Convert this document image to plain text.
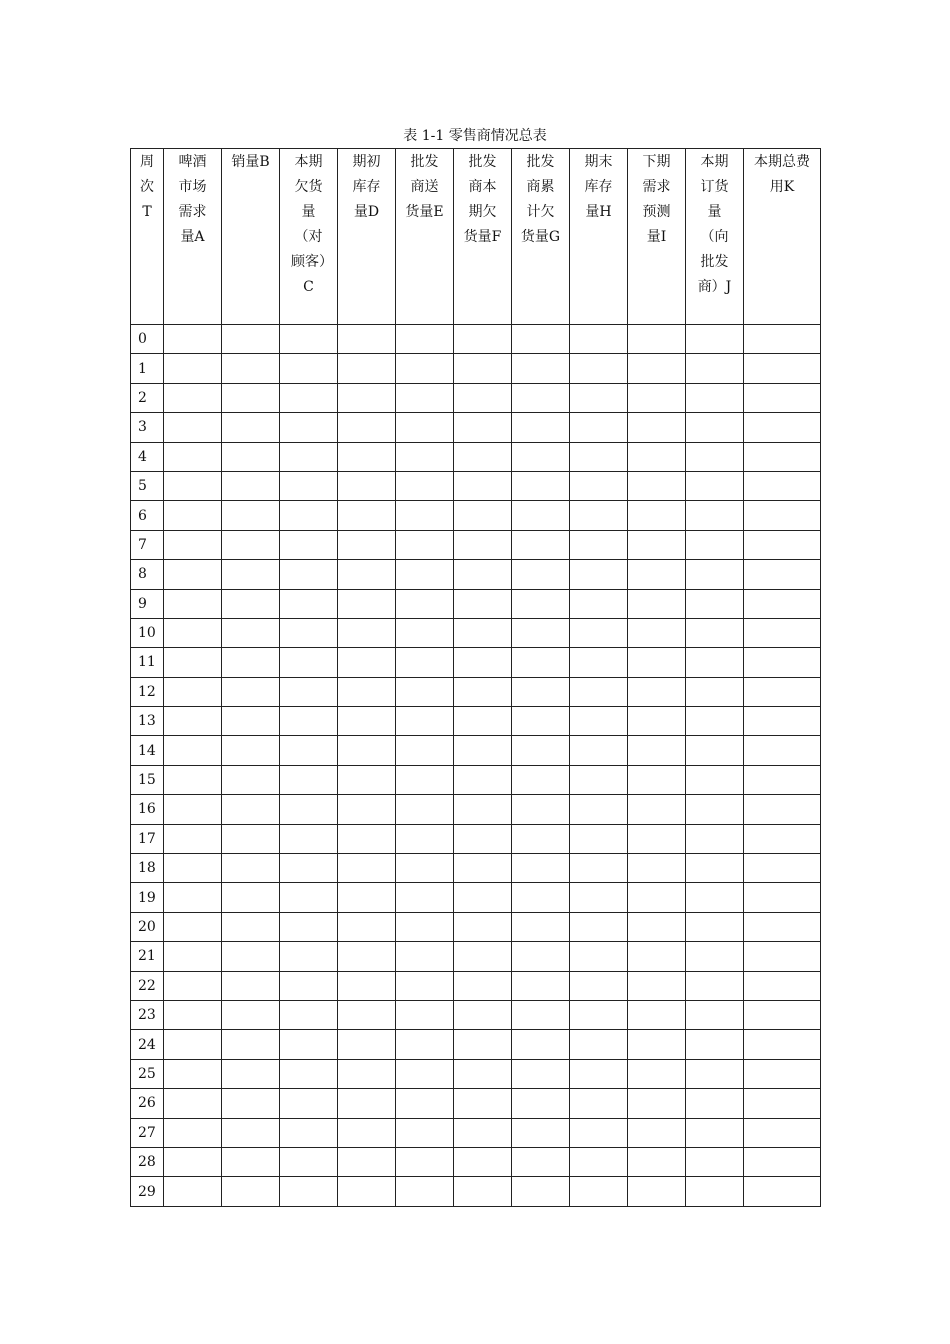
表 1-1 零售商情况总表
周次T	啤酒市场需求量A	销量B	本期欠货量（对顾客）C	期初库存量D	批发商送货量E	批发商本期欠货量F	批发商累计欠货量G	期末库存量H	下期需求预测量I	本期订货量（向批发商）J	本期总费用K

0											
1											
2											
3											
4											
5											
6											
7											
8											
9											
10											
11											
12											
13											
14											
15											
16											
17											
18											
19											
20											
21											
22											
23											
24											
25											
26											
27											
28											
29											
